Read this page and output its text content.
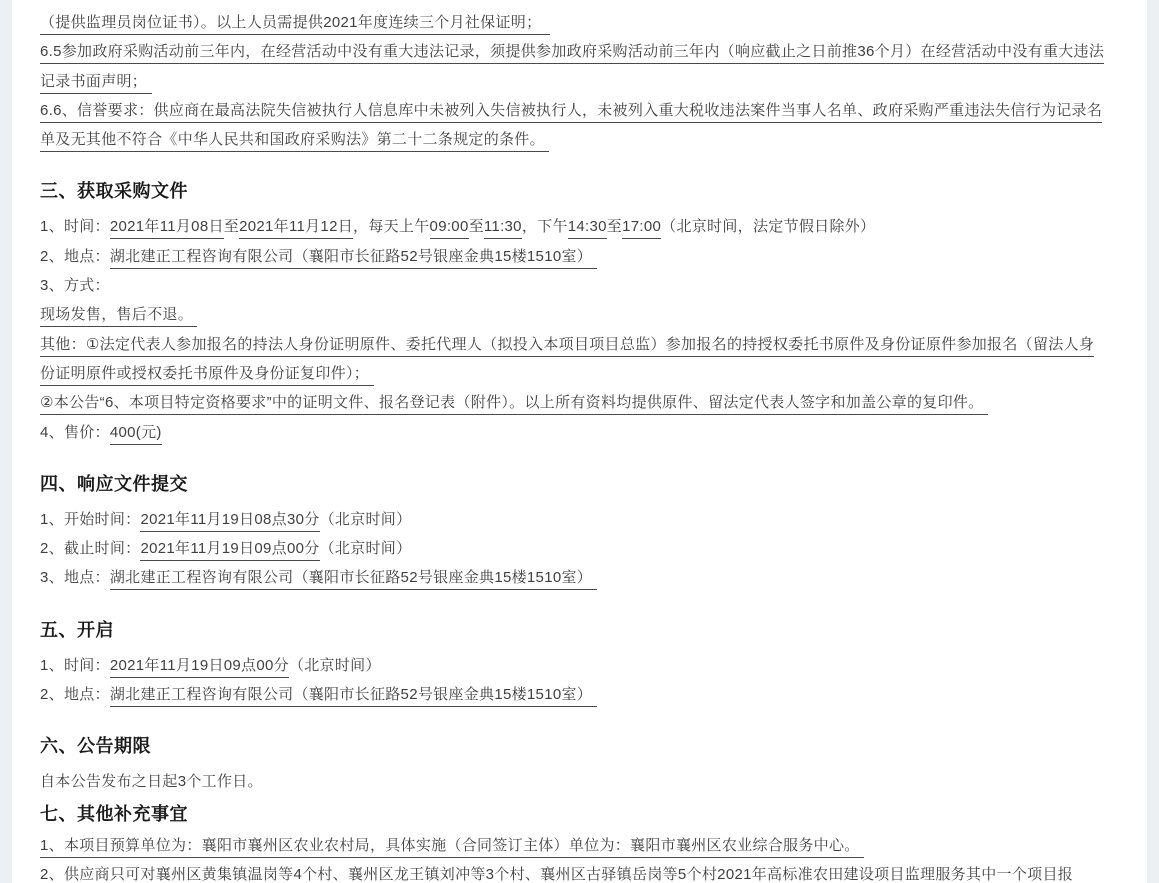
（提供监理员岗位证书）。以上人员需提供2021年度连续三个月社保证明；

6.5参加政府采购活动前三年内，在经营活动中没有重大违法记录，须提供参加政府采购活动前三年内（响应截止之日前推36个月）在经营活动中没有重大违法记录书面声明；

6.6、信誉要求：供应商在最高法院失信被执行人信息库中未被列入失信被执行人，未被列入重大税收违法案件当事人名单、政府采购严重违法失信行为记录名单及无其他不符合《中华人民共和国政府采购法》第二十二条规定的条件。

三、获取采购文件

1、时间：2021年11月08日至2021年11月12日，每天上午09:00至11:30，下午14:30至17:00（北京时间，法定节假日除外）

2、地点：湖北建正工程咨询有限公司（襄阳市长征路52号银座金典15楼1510室）

3、方式：

现场发售，售后不退。

其他：①法定代表人参加报名的持法人身份证明原件、委托代理人（拟投入本项目项目总监）参加报名的持授权委托书原件及身份证原件参加报名（留法人身份证明原件或授权委托书原件及身份证复印件）；

②本公告“6、本项目特定资格要求”中的证明文件、报名登记表（附件）。以上所有资料均提供原件、留法定代表人签字和加盖公章的复印件。

4、售价：400(元)

四、响应文件提交

1、开始时间：2021年11月19日08点30分（北京时间）

2、截止时间：2021年11月19日09点00分（北京时间）

3、地点：湖北建正工程咨询有限公司（襄阳市长征路52号银座金典15楼1510室）

五、开启

1、时间：2021年11月19日09点00分（北京时间）

2、地点：湖北建正工程咨询有限公司（襄阳市长征路52号银座金典15楼1510室）

六、公告期限

自本公告发布之日起3个工作日。

七、其他补充事宜

1、本项目预算单位为：襄阳市襄州区农业农村局，具体实施（合同签订主体）单位为：襄阳市襄州区农业综合服务中心。

2、供应商只可对襄州区黄集镇温岗等4个村、襄州区龙王镇刘冲等3个村、襄州区古驿镇岳岗等5个村2021年高标准农田建设项目监理服务其中一个项目报
